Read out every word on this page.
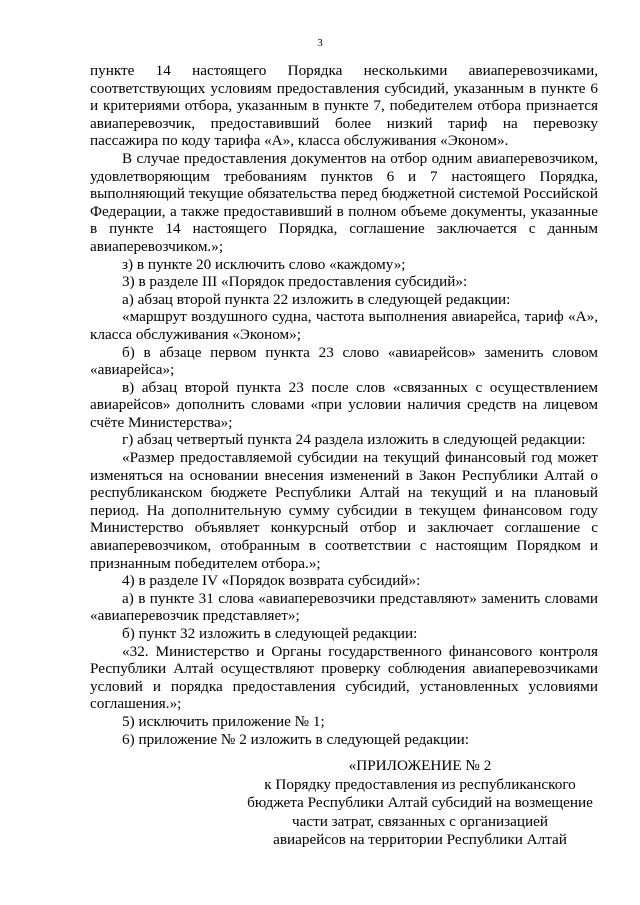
3

пункте 14 настоящего Порядка несколькими авиаперевозчиками, соответствующих условиям предоставления субсидий, указанным в пункте 6 и критериями отбора, указанным в пункте 7, победителем отбора признается авиаперевозчик, предоставивший более низкий тариф на перевозку пассажира по коду тарифа «А», класса обслуживания «Эконом».

В случае предоставления документов на отбор одним авиаперевозчиком, удовлетворяющим требованиям пунктов 6 и 7 настоящего Порядка, выполняющий текущие обязательства перед бюджетной системой Российской Федерации, а также предоставивший в полном объеме документы, указанные в пункте 14 настоящего Порядка, соглашение заключается с данным авиаперевозчиком.»;

з) в пункте 20 исключить слово «каждому»;

3) в разделе III «Порядок предоставления субсидий»:

а) абзац второй пункта 22 изложить в следующей редакции:

«маршрут воздушного судна, частота выполнения авиарейса, тариф «А», класса обслуживания «Эконом»;

б) в абзаце первом пункта 23 слово «авиарейсов» заменить словом «авиарейса»;

в) абзац второй пункта 23 после слов «связанных с осуществлением авиарейсов» дополнить словами «при условии наличия средств на лицевом счёте Министерства»;

г) абзац четвертый пункта 24 раздела изложить в следующей редакции:

«Размер предоставляемой субсидии на текущий финансовый год может изменяться на основании внесения изменений в Закон Республики Алтай о республиканском бюджете Республики Алтай на текущий и на плановый период. На дополнительную сумму субсидии в текущем финансовом году Министерство объявляет конкурсный отбор и заключает соглашение с авиаперевозчиком, отобранным в соответствии с настоящим Порядком и признанным победителем отбора.»;

4) в разделе IV «Порядок возврата субсидий»:

а) в пункте 31 слова «авиаперевозчики представляют» заменить словами «авиаперевозчик представляет»;

б) пункт 32 изложить в следующей редакции:

«32. Министерство и Органы государственного финансового контроля Республики Алтай осуществляют проверку соблюдения авиаперевозчиками условий и порядка предоставления субсидий, установленных условиями соглашения.»;

5) исключить приложение № 1;

6) приложение № 2 изложить в следующей редакции:

«ПРИЛОЖЕНИЕ № 2
к Порядку предоставления из республиканского
бюджета Республики Алтай субсидий на возмещение
части затрат, связанных с организацией
авиарейсов на территории Республики Алтай
